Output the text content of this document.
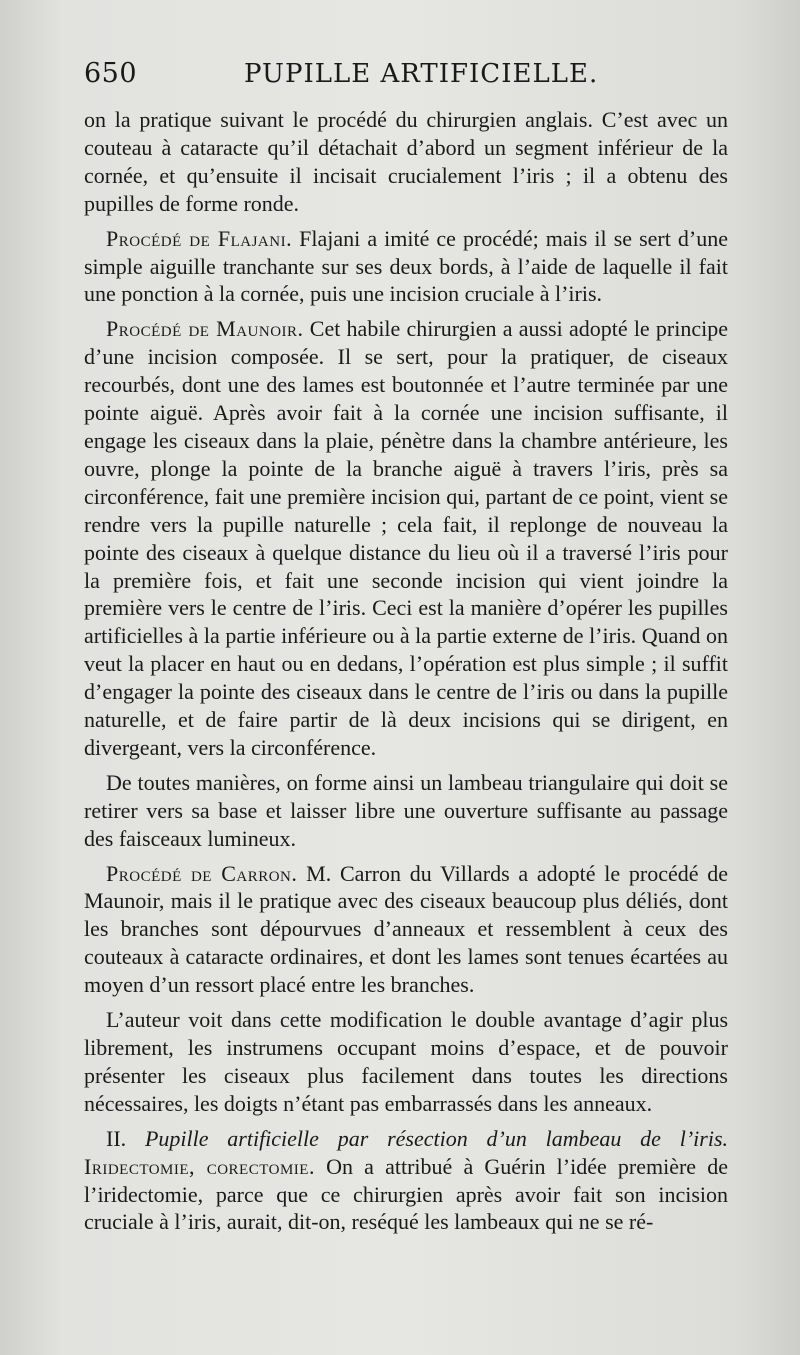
650	PUPILLE ARTIFICIELLE.

on la pratique suivant le procédé du chirurgien anglais. C’est avec un couteau à cataracte qu’il détachait d’abord un segment inférieur de la cornée, et qu’ensuite il incisait crucialement l’iris ; il a obtenu des pupilles de forme ronde.

Procédé de Flajani. Flajani a imité ce procédé; mais il se sert d’une simple aiguille tranchante sur ses deux bords, à l’aide de laquelle il fait une ponction à la cornée, puis une incision cruciale à l’iris.

Procédé de Maunoir. Cet habile chirurgien a aussi adopté le principe d’une incision composée. Il se sert, pour la pratiquer, de ciseaux recourbés, dont une des lames est boutonnée et l’autre terminée par une pointe aiguë. Après avoir fait à la cornée une incision suffisante, il engage les ciseaux dans la plaie, pénètre dans la chambre antérieure, les ouvre, plonge la pointe de la branche aiguë à travers l’iris, près sa circonférence, fait une première incision qui, partant de ce point, vient se rendre vers la pupille naturelle ; cela fait, il replonge de nouveau la pointe des ciseaux à quelque distance du lieu où il a traversé l’iris pour la première fois, et fait une seconde incision qui vient joindre la première vers le centre de l’iris. Ceci est la manière d’opérer les pupilles artificielles à la partie inférieure ou à la partie externe de l’iris. Quand on veut la placer en haut ou en dedans, l’opération est plus simple ; il suffit d’engager la pointe des ciseaux dans le centre de l’iris ou dans la pupille naturelle, et de faire partir de là deux incisions qui se dirigent, en divergeant, vers la circonférence.

De toutes manières, on forme ainsi un lambeau triangulaire qui doit se retirer vers sa base et laisser libre une ouverture suffisante au passage des faisceaux lumineux.

Procédé de Carron. M. Carron du Villards a adopté le procédé de Maunoir, mais il le pratique avec des ciseaux beaucoup plus déliés, dont les branches sont dépourvues d’anneaux et ressemblent à ceux des couteaux à cataracte ordinaires, et dont les lames sont tenues écartées au moyen d’un ressort placé entre les branches.

L’auteur voit dans cette modification le double avantage d’agir plus librement, les instrumens occupant moins d’espace, et de pouvoir présenter les ciseaux plus facilement dans toutes les directions nécessaires, les doigts n’étant pas embarrassés dans les anneaux.

II. Pupille artificielle par résection d’un lambeau de l’iris. Iridectomie, corectomie. On a attribué à Guérin l’idée première de l’iridectomie, parce que ce chirurgien après avoir fait son incision cruciale à l’iris, aurait, dit-on, reséqué les lambeaux qui ne se ré-
